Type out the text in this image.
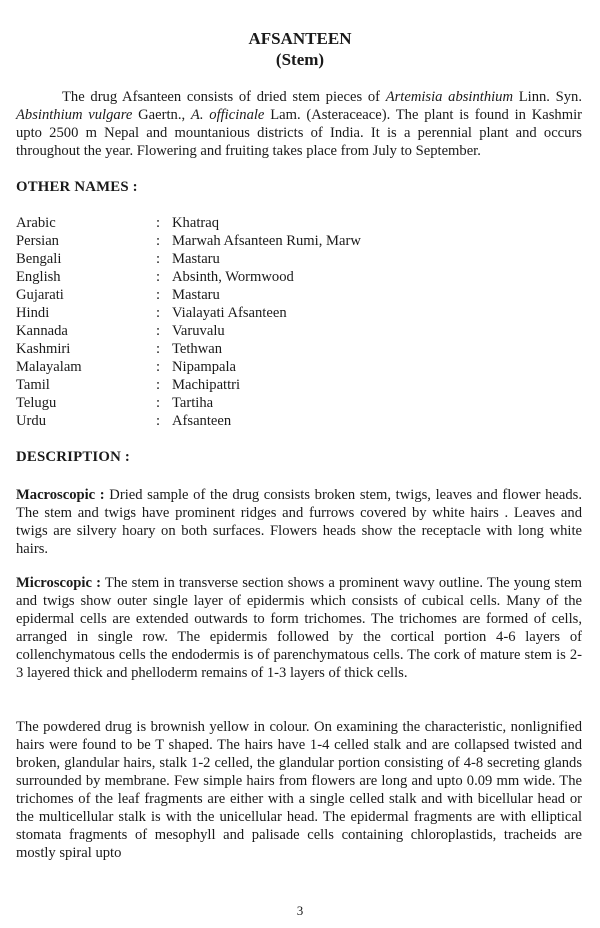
AFSANTEEN
(Stem)

The drug Afsanteen consists of dried stem pieces of Artemisia absinthium Linn. Syn. Absinthium vulgare Gaertn., A. officinale Lam. (Asteraceace). The plant is found in Kashmir upto 2500 m Nepal and mountanious districts of India. It is a perennial plant and occurs throughout the year. Flowering and fruiting takes place from July to September.

OTHER NAMES :
Arabic	: Khatraq
Persian	: Marwah Afsanteen Rumi, Marw
Bengali	: Mastaru
English	: Absinth, Wormwood
Gujarati	: Mastaru
Hindi	: Vialayati Afsanteen
Kannada	: Varuvalu
Kashmiri	: Tethwan
Malayalam	: Nipampala
Tamil	: Machipattri
Telugu	: Tartiha
Urdu	: Afsanteen
DESCRIPTION :

Macroscopic : Dried sample of the drug consists broken stem, twigs, leaves and flower heads. The stem and twigs have prominent ridges and furrows covered by white hairs . Leaves and twigs are silvery hoary on both surfaces. Flowers heads show the receptacle with long white hairs.

Microscopic : The stem in transverse section shows a prominent wavy outline. The young stem and twigs show outer single layer of epidermis which consists of cubical cells. Many of the epidermal cells are extended outwards to form trichomes. The trichomes are formed of cells, arranged in single row. The epidermis followed by the cortical portion 4-6 layers of collenchymatous cells the endodermis is of parenchymatous cells. The cork of mature stem is 2-3 layered thick and phelloderm remains of 1-3 layers of thick cells.

The powdered drug is brownish yellow in colour. On examining the characteristic, nonlignified hairs were found to be T shaped. The hairs have 1-4 celled stalk and are collapsed twisted and broken, glandular hairs, stalk 1-2 celled, the glandular portion consisting of 4-8 secreting glands surrounded by membrane. Few simple hairs from flowers are long and upto 0.09 mm wide. The trichomes of the leaf fragments are either with a single celled stalk and with bicellular head or the multicellular stalk is with the unicellular head. The epidermal fragments are with elliptical stomata fragments of mesophyll and palisade cells containing chloroplastids, tracheids are mostly spiral upto

3
